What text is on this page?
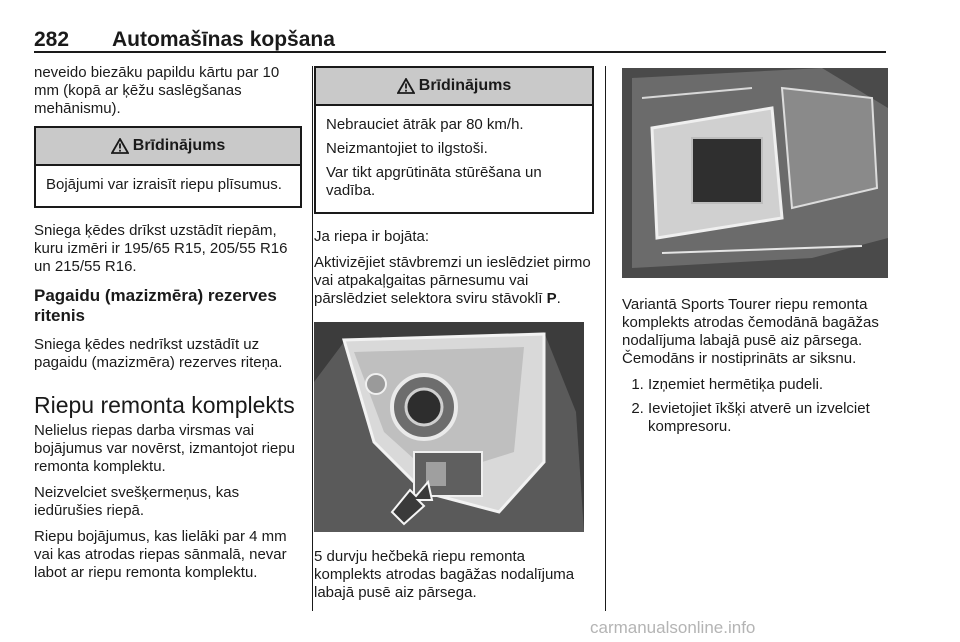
282 Automašīnas kopšana

neveido biezāku papildu kārtu par 10 mm (kopā ar ķēžu saslēgšanas mehānismu).

Brīdinājums

Bojājumi var izraisīt riepu plīsumus.

Sniega ķēdes drīkst uzstādīt riepām, kuru izmēri ir 195/65 R15, 205/55 R16 un 215/55 R16.

Pagaidu (mazizmēra) rezerves ritenis

Sniega ķēdes nedrīkst uzstādīt uz pagaidu (mazizmēra) rezerves riteņa.

Riepu remonta komplekts

Nelielus riepas darba virsmas vai bojājumus var novērst, izmantojot riepu remonta komplektu.

Neizvelciet svešķermeņus, kas iedūrušies riepā.

Riepu bojājumus, kas lielāki par 4 mm vai kas atrodas riepas sānmalā, nevar labot ar riepu remonta komplektu.

Brīdinājums

Nebrauciet ātrāk par 80 km/h.

Neizmantojiet to ilgstoši.

Var tikt apgrūtināta stūrēšana un vadība.

Ja riepa ir bojāta:

Aktivizējiet stāvbremzi un ieslēdziet pirmo vai atpakaļgaitas pārnesumu vai pārslēdziet selektora sviru stāvoklī P.

5 durvju hečbekā riepu remonta komplekts atrodas bagāžas nodalījuma labajā pusē aiz pārsega.

Variantā Sports Tourer riepu remonta komplekts atrodas čemodānā bagāžas nodalījuma labajā pusē aiz pārsega. Čemodāns ir nostiprināts ar siksnu.

1. Izņemiet hermētiķa pudeli.
2. Ievietojiet īkšķi atverē un izvelciet kompresoru.
carmanualsonline.info
